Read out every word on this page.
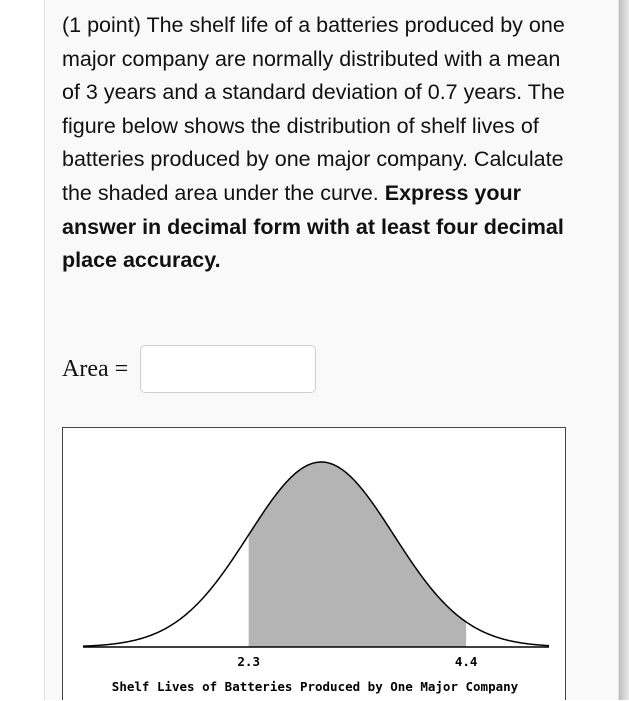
(1 point) The shelf life of a batteries produced by one major company are normally distributed with a mean of 3 years and a standard deviation of 0.7 years. The figure below shows the distribution of shelf lives of batteries produced by one major company. Calculate the shaded area under the curve. Express your answer in decimal form with at least four decimal place accuracy.

Area =
2.3	4.4
Shelf Lives of Batteries Produced by One Major Company
